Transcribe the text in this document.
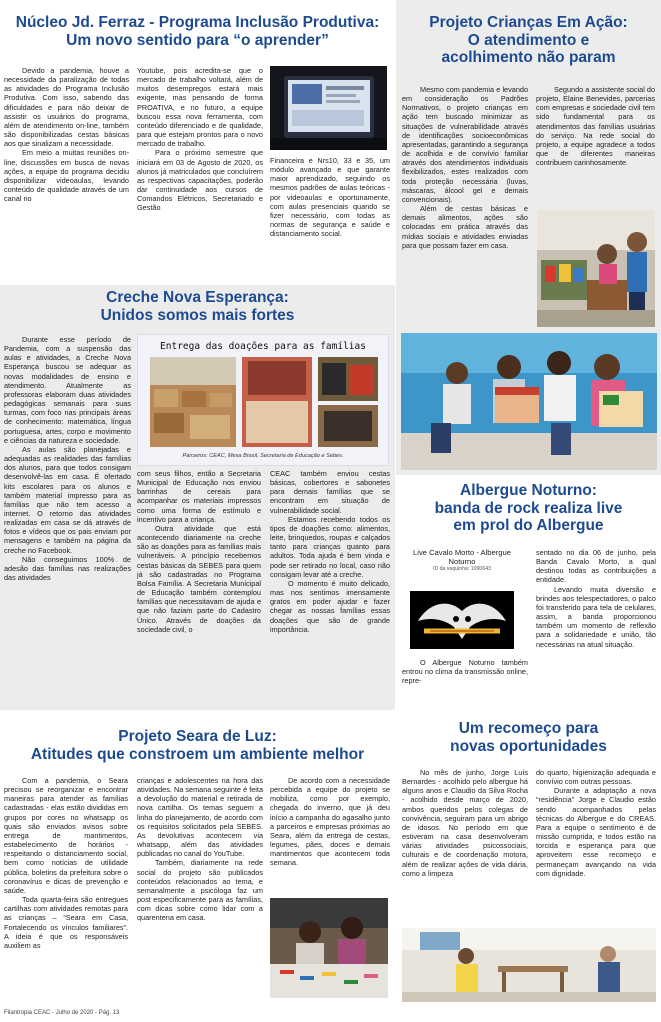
Núcleo Jd. Ferraz - Programa Inclusão Produtiva:
Um novo sentido para “o aprender”

Devido a pandemia, houve a necessidade da paralização de todas as atividades do Programa Inclusão Produtiva. Com isso, sabendo das dificuldades e para não deixar de assistir os usuários do programa, além de atendimento on-line, também são disponibilizadas cestas básicas aos que sinalizam a necessidade.

Em meio a muitas reuniões on-line, discussões em busca de novas ações, a equipe do programa decidiu disponibilizar videoaulas, levando conteúdo de qualidade através de um canal no

Youtube, pois acredita-se que o mercado de trabalho voltará, além de muitos desempregos estará mais exigente, mas pensando de forma PROATIVA, e no futuro, a equipe buscou essa nova ferramenta, com conteúdo diferenciado e de qualidade, para que estejam prontos para o novo mercado de trabalho.

Para o próximo semestre que iniciará em 03 de Agosto de 2020, os alunos já matriculados que concluírem as respectivas capacitações, poderão dar continuidade aos cursos de Comandos Elétricos, Secretariado e Gestão

Financeira e Nrs10, 33 e 35, um módulo avançado e que garante maior aprendizado, seguindo os mesmos padrões de aulas teóricas - por videoaulas e oportunamente, com aulas presenciais quando se fizer necessário, com todas as normas de segurança e saúde e distanciamento social.

Projeto Crianças Em Ação:
O atendimento e
acolhimento não param

Mesmo com pandemia e levando em consideração os Padrões Normativos, o projeto crianças em ação tem buscado minimizar as situações de vulnerabilidade através de identificações socioeconômicas apresentadas, garantindo a segurança de acolhida e de convívio familiar através dos atendimentos individuais flexibilizados, estes realizados com toda proteção necessária (luvas, máscaras, álcool gel e demais convencionais).

Além de cestas básicas e demais alimentos, ações são colocadas em prática através das mídias sociais e atividades enviadas para que possam fazer em casa.

Segundo a assistente social do projeto, Elaine Benevides, parcerias com empresas e sociedade civil tem sido fundamental para os atendimentos das famílias usuárias do serviço. Na rede social do projeto, a equipe agradece a todos que de diferentes maneiras contribuem carinhosamente.

Creche Nova Esperança:
Unidos somos mais fortes

Durante esse período de Pandemia, com a suspensão das aulas e atividades, a Creche Nova Esperança buscou se adequar as novas modalidades de ensino e atendimento. Atualmente as professoras elaboram duas atividades pedagógicas semanais para suas turmas, com foco nas principais áreas de conhecimento: matemática, língua portuguesa, artes, corpo e movimento e ciências da natureza e sociedade.

As aulas são planejadas e adequadas as realidades das famílias dos alunos, para que todos consigam desenvolvê-las em casa. É ofertado kits escolares para os alunos e também material impresso para as famílias que não tem acesso a internet. O retorno das atividades realizadas em casa se dá através de fotos e vídeos que os pais enviam por mensagens e também na página da creche no Facebook.

Não conseguimos 100% de adesão das famílias nas realizações das atividades

Entrega das doações para as famílias
Parceiros: CEAC, Mesa Brasil, Secretaria de Educação e Sebes.

com seus filhos, então a Secretaria Municipal de Educação nos enviou barrinhas de cereais para acompanhar os materiais impressos como uma forma de estímulo e incentivo para a criança.

Outra atividade que está acontecendo diariamente na creche são as doações para as famílias mais vulneráveis. A princípio recebemos cestas básicas da SEBES para quem já são cadastradas no Programa Bolsa Família. A Secretaria Municipal de Educação também contemplou famílias que necessitavam de ajuda e que não faziam parte do Cadastro Único. Através de doações da sociedade civil, o

CEAC também enviou cestas básicas, cobertores e sabonetes para demais famílias que se encontram em situação de vulnerabilidade social.

Estamos recebendo todos os tipos de doações como: alimentos, leite, brinquedos, roupas e calçados tanto para crianças quanto para adultos. Toda ajuda é bem vinda e pode ser retirado no local, caso não consigam levar até a creche.

O momento é muito delicado, mas nos sentimos imensamente gratos em poder ajudar e fazer chegar as nossas famílias essas doações que são de grande importância.

Albergue Noturno:
banda de rock realiza live
em prol do Albergue
Live Cavalo Morto - Albergue Noturno
ID da vaquinha: 1090643

O Albergue Noturno também entrou no clima da transmissão online, repre-

sentado no dia 06 de junho, pela Banda Cavalo Morto, a qual destinou todas as contribuições a entidade.

Levando muita diversão e brindes aos telespectadores, o palco foi transferido para tela de celulares, assim, a banda proporcionou também um momento de reflexão para a solidariedade e união, tão necessárias na atual situação.

Projeto Seara de Luz:
Atitudes que constroem um ambiente melhor

Com a pandemia, o Seara precisou se reorganizar e encontrar maneiras para atender as famílias cadastradas - elas estão divididas em grupos por cores no whatsapp os quais são enviados avisos sobre entrega de mantimentos, estabelecimento de horários - respeitando o distanciamento social, bem como notícias de utilidade pública, boletins da prefeitura sobre o coronavírus e dicas de prevenção e saúde.

Toda quarta-feira são entregues cartilhas com atividades remotas para as crianças – “Seara em Casa, Fortalecendo os vínculos familiares”. A ideia é que os responsáveis auxiliem as

crianças e adolescentes na hora das atividades. Na semana seguinte é feita a devolução do material e retirada de nova cartilha. Os temas seguem a linha do planejamento, de acordo com os requisitos solicitados pela SEBES. As devolutivas acontecem via whatsapp, além das atividades publicadas no canal do YouTube.

Também, diariamente na rede social do projeto são publicados conteúdos relacionados ao tema, e semanalmente a psicóloga faz um post especificamente para as famílias, com dicas sobre como lidar com a quarentena em casa.

De acordo com a necessidade percebida a equipe do projeto se mobiliza, como por exemplo, chegada do inverno, que já deu início a campanha do agasalho junto a parceiros e empresas próximas ao Seara, além da entrega de cestas, legumes, pães, doces e demais mantimentos que acontecem toda semana.

Um recomeço para
novas oportunidades

No mês de junho, Jorge Luís Bernardes - acolhido pelo albergue há alguns anos e Claudio da Silva Rocha - acolhido desde março de 2020, ambos queridos pelos colegas de convivência, seguiram para um abrigo de idosos. No período em que estiveram na casa desenvolveram várias atividades psicossociais, culturais e de coordenação motora, além de realizar ações de vida diária, como a limpeza

do quarto, higienização adequada e convívio com outras pessoas.

Durante a adaptação a nova “residência” Jorge e Claudio estão sendo acompanhados pelas técnicas do Albergue e do CREAS. Para a equipe o sentimento é de missão cumprida, e todos estão na torcida e esperança para que aproveitem esse recomeço e permaneçam avançando na vida com dignidade.

Filantropia CEAC - Julho de 2020 - Pág. 13
